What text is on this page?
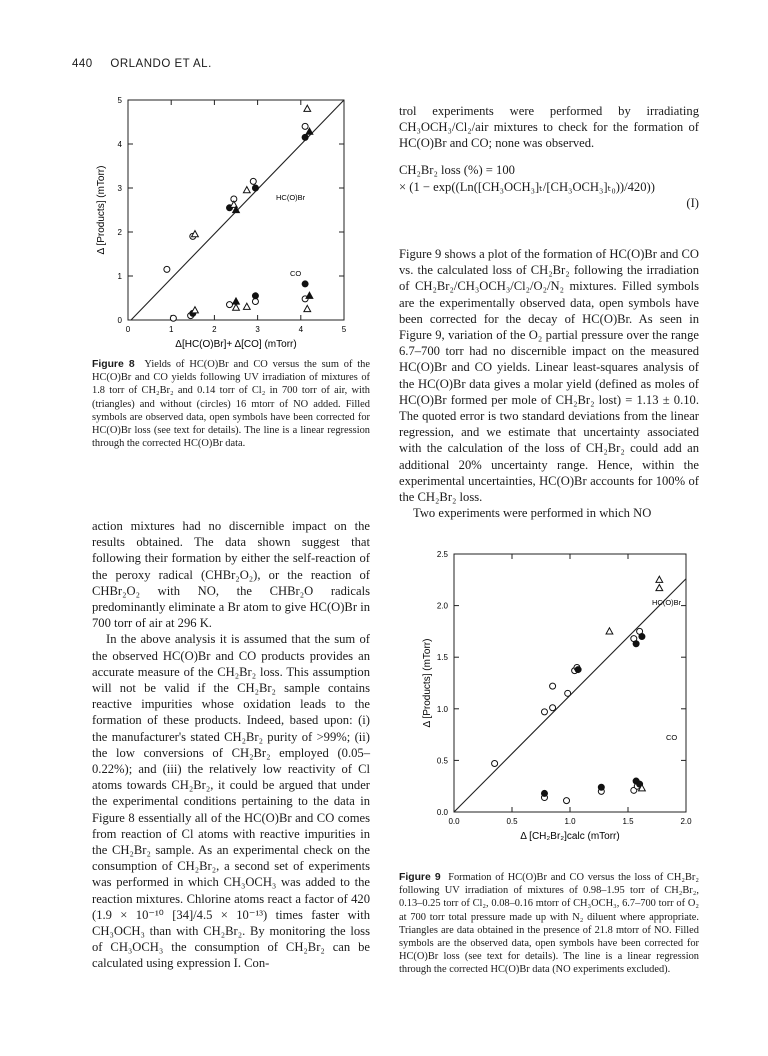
440 ORLANDO ET AL.
0	1	2	3	4	5
0
1
2
3
4
5
HC(O)Br
CO
Δ[HC(O)Br]+ Δ[CO] (mTorr)
Δ [Products] (mTorr)
Figure 8 Yields of HC(O)Br and CO versus the sum of the HC(O)Br and CO yields following UV irradiation of mixtures of 1.8 torr of CH₂Br₂ and 0.14 torr of Cl₂ in 700 torr of air, with (triangles) and without (circles) 16 mtorr of NO added. Filled symbols are observed data, open symbols have been corrected for HC(O)Br loss (see text for details). The line is a linear regression through the corrected HC(O)Br data.

action mixtures had no discernible impact on the results obtained. The data shown suggest that following their formation by either the self-reaction of the peroxy radical (CHBr₂O₂), or the reaction of CHBr₂O₂ with NO, the CHBr₂O radicals predominantly eliminate a Br atom to give HC(O)Br in 700 torr of air at 296 K.

In the above analysis it is assumed that the sum of the observed HC(O)Br and CO products provides an accurate measure of the CH₂Br₂ loss. This assumption will not be valid if the CH₂Br₂ sample contains reactive impurities whose oxidation leads to the formation of these products. Indeed, based upon: (i) the manufacturer's stated CH₂Br₂ purity of >99%; (ii) the low conversions of CH₂Br₂ employed (0.05–0.22%); and (iii) the relatively low reactivity of Cl atoms towards CH₂Br₂, it could be argued that under the experimental conditions pertaining to the data in Figure 8 essentially all of the HC(O)Br and CO comes from reaction of Cl atoms with reactive impurities in the CH₂Br₂ sample. As an experimental check on the consumption of CH₂Br₂, a second set of experiments was performed in which CH₃OCH₃ was added to the reaction mixtures. Chlorine atoms react a factor of 420 (1.9 × 10⁻¹⁰ [34]/4.5 × 10⁻¹³) times faster with CH₃OCH₃ than with CH₂Br₂. By monitoring the loss of CH₃OCH₃ the consumption of CH₂Br₂ can be calculated using expression I. Con-

trol experiments were performed by irradiating CH₃OCH₃/Cl₂/air mixtures to check for the formation of HC(O)Br and CO; none was observed.

CH₂Br₂ loss (%) = 100
× (1 − exp((Ln([CH₃OCH₃]ₜ/[CH₃OCH₃]ₜ₀))/420))
(I)

Figure 9 shows a plot of the formation of HC(O)Br and CO vs. the calculated loss of CH₂Br₂ following the irradiation of CH₂Br₂/CH₃OCH₃/Cl₂/O₂/N₂ mixtures. Filled symbols are the experimentally observed data, open symbols have been corrected for the decay of HC(O)Br. As seen in Figure 9, variation of the O₂ partial pressure over the range 6.7–700 torr had no discernible impact on the measured HC(O)Br and CO yields. Linear least-squares analysis of the HC(O)Br data gives a molar yield (defined as moles of HC(O)Br formed per mole of CH₂Br₂ lost) = 1.13 ± 0.10. The quoted error is two standard deviations from the linear regression, and we estimate that uncertainty associated with the calculation of the loss of CH₂Br₂ could add an additional 20% uncertainty range. Hence, within the experimental uncertainties, HC(O)Br accounts for 100% of the CH₂Br₂ loss.

Two experiments were performed in which NO

0.0	0.5	1.0	1.5	2.0
0.0
0.5
1.0
1.5
2.0
2.5
HC(O)Br
CO
Δ [CH₂Br₂]calc (mTorr)
Δ [Products] (mTorr)
Figure 9 Formation of HC(O)Br and CO versus the loss of CH₂Br₂ following UV irradiation of mixtures of 0.98–1.95 torr of CH₂Br₂, 0.13–0.25 torr of Cl₂, 0.08–0.16 mtorr of CH₃OCH₃, 6.7–700 torr of O₂ at 700 torr total pressure made up with N₂ diluent where appropriate. Triangles are data obtained in the presence of 21.8 mtorr of NO. Filled symbols are the observed data, open symbols have been corrected for HC(O)Br loss (see text for details). The line is a linear regression through the corrected HC(O)Br data (NO experiments excluded).
